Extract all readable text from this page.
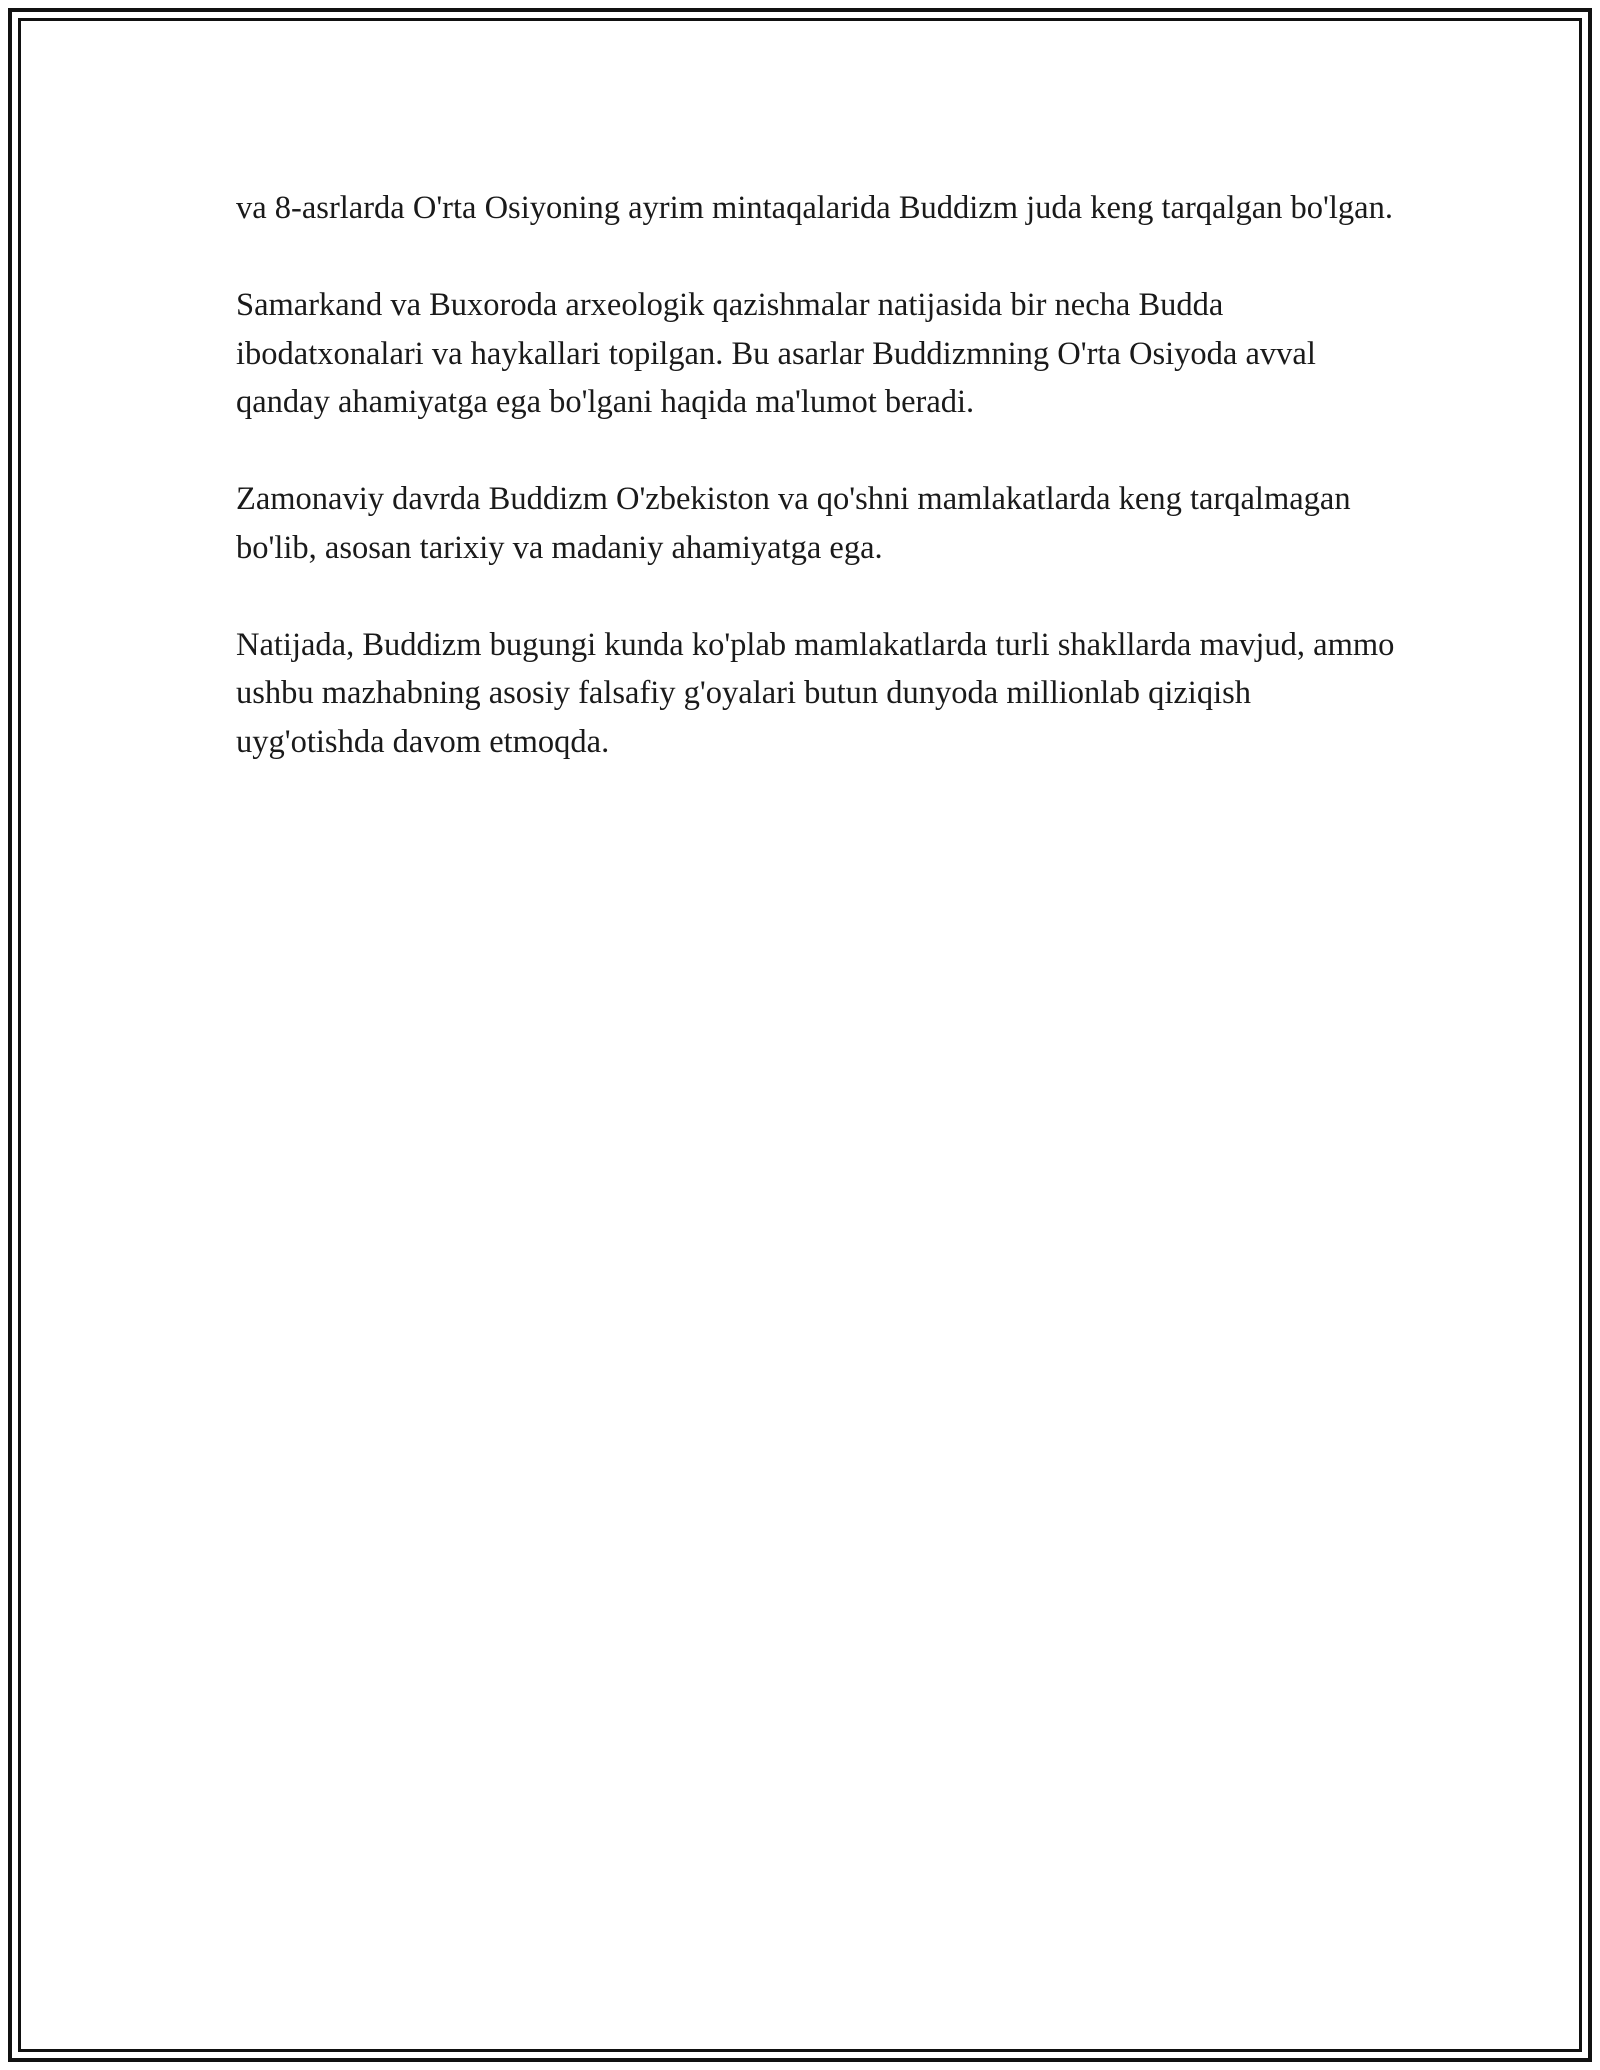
va 8-asrlarda O'rta Osiyoning ayrim mintaqalarida Buddizm juda keng tarqalgan bo'lgan.

Samarkand va Buxoroda arxeologik qazishmalar natijasida bir necha Budda ibodatxonalari va haykallari topilgan. Bu asarlar Buddizmning O'rta Osiyoda avval qanday ahamiyatga ega bo'lgani haqida ma'lumot beradi.

Zamonaviy davrda Buddizm O'zbekiston va qo'shni mamlakatlarda keng tarqalmagan bo'lib, asosan tarixiy va madaniy ahamiyatga ega.

Natijada, Buddizm bugungi kunda ko'plab mamlakatlarda turli shakllarda mavjud, ammo ushbu mazhabning asosiy falsafiy g'oyalari butun dunyoda millionlab qiziqish uyg'otishda davom etmoqda.
